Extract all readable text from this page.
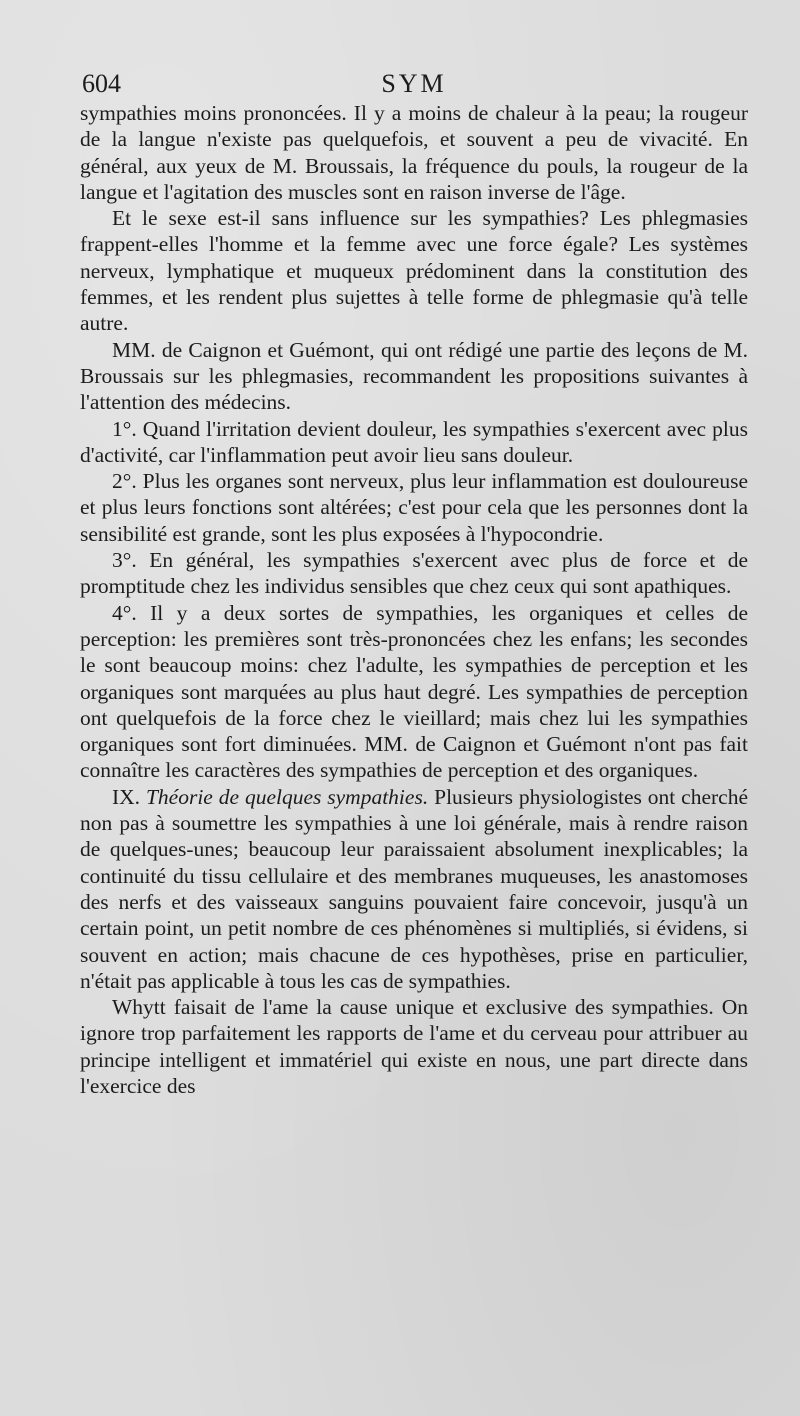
604	SYM

sympathies moins prononcées. Il y a moins de chaleur à la peau; la rougeur de la langue n'existe pas quelquefois, et souvent a peu de vivacité. En général, aux yeux de M. Broussais, la fréquence du pouls, la rougeur de la langue et l'agitation des muscles sont en raison inverse de l'âge.

Et le sexe est-il sans influence sur les sympathies? Les phlegmasies frappent-elles l'homme et la femme avec une force égale? Les systèmes nerveux, lymphatique et muqueux prédominent dans la constitution des femmes, et les rendent plus sujettes à telle forme de phlegmasie qu'à telle autre.

MM. de Caignon et Guémont, qui ont rédigé une partie des leçons de M. Broussais sur les phlegmasies, recommandent les propositions suivantes à l'attention des médecins.

1°. Quand l'irritation devient douleur, les sympathies s'exercent avec plus d'activité, car l'inflammation peut avoir lieu sans douleur.

2°. Plus les organes sont nerveux, plus leur inflammation est douloureuse et plus leurs fonctions sont altérées; c'est pour cela que les personnes dont la sensibilité est grande, sont les plus exposées à l'hypocondrie.

3°. En général, les sympathies s'exercent avec plus de force et de promptitude chez les individus sensibles que chez ceux qui sont apathiques.

4°. Il y a deux sortes de sympathies, les organiques et celles de perception: les premières sont très-prononcées chez les enfans; les secondes le sont beaucoup moins: chez l'adulte, les sympathies de perception et les organiques sont marquées au plus haut degré. Les sympathies de perception ont quelquefois de la force chez le vieillard; mais chez lui les sympathies organiques sont fort diminuées. MM. de Caignon et Guémont n'ont pas fait connaître les caractères des sympathies de perception et des organiques.

IX. Théorie de quelques sympathies. Plusieurs physiologistes ont cherché non pas à soumettre les sympathies à une loi générale, mais à rendre raison de quelques-unes; beaucoup leur paraissaient absolument inexplicables; la continuité du tissu cellulaire et des membranes muqueuses, les anastomoses des nerfs et des vaisseaux sanguins pouvaient faire concevoir, jusqu'à un certain point, un petit nombre de ces phénomènes si multipliés, si évidens, si souvent en action; mais chacune de ces hypothèses, prise en particulier, n'était pas applicable à tous les cas de sympathies.

Whytt faisait de l'ame la cause unique et exclusive des sympathies. On ignore trop parfaitement les rapports de l'ame et du cerveau pour attribuer au principe intelligent et immatériel qui existe en nous, une part directe dans l'exercice des
